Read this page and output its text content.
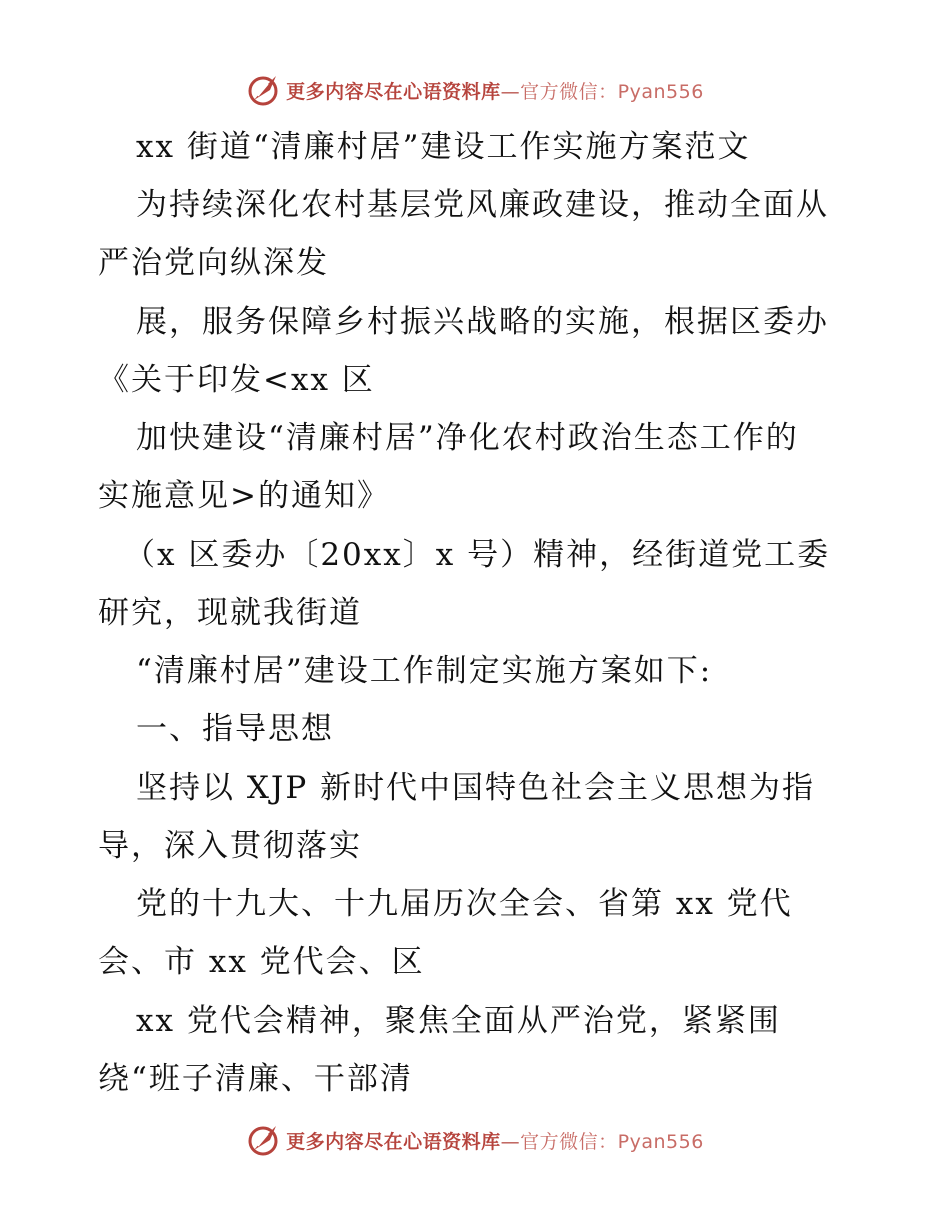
更多内容尽在心语资料库—官方微信：Pyan556
xx 街道“清廉村居”建设工作实施方案范文
为持续深化农村基层党风廉政建设，推动全面从
严治党向纵深发
展，服务保障乡村振兴战略的实施，根据区委办
《关于印发<xx 区
加快建设“清廉村居”净化农村政治生态工作的
实施意见>的通知》
（x 区委办〔20xx〕x 号）精神，经街道党工委
研究，现就我街道
“清廉村居”建设工作制定实施方案如下:
一、指导思想
坚持以 XJP 新时代中国特色社会主义思想为指
导，深入贯彻落实
党的十九大、十九届历次全会、省第 xx 党代
会、市 xx 党代会、区
xx 党代会精神，聚焦全面从严治党，紧紧围
绕“班子清廉、干部清
更多内容尽在心语资料库—官方微信：Pyan556
